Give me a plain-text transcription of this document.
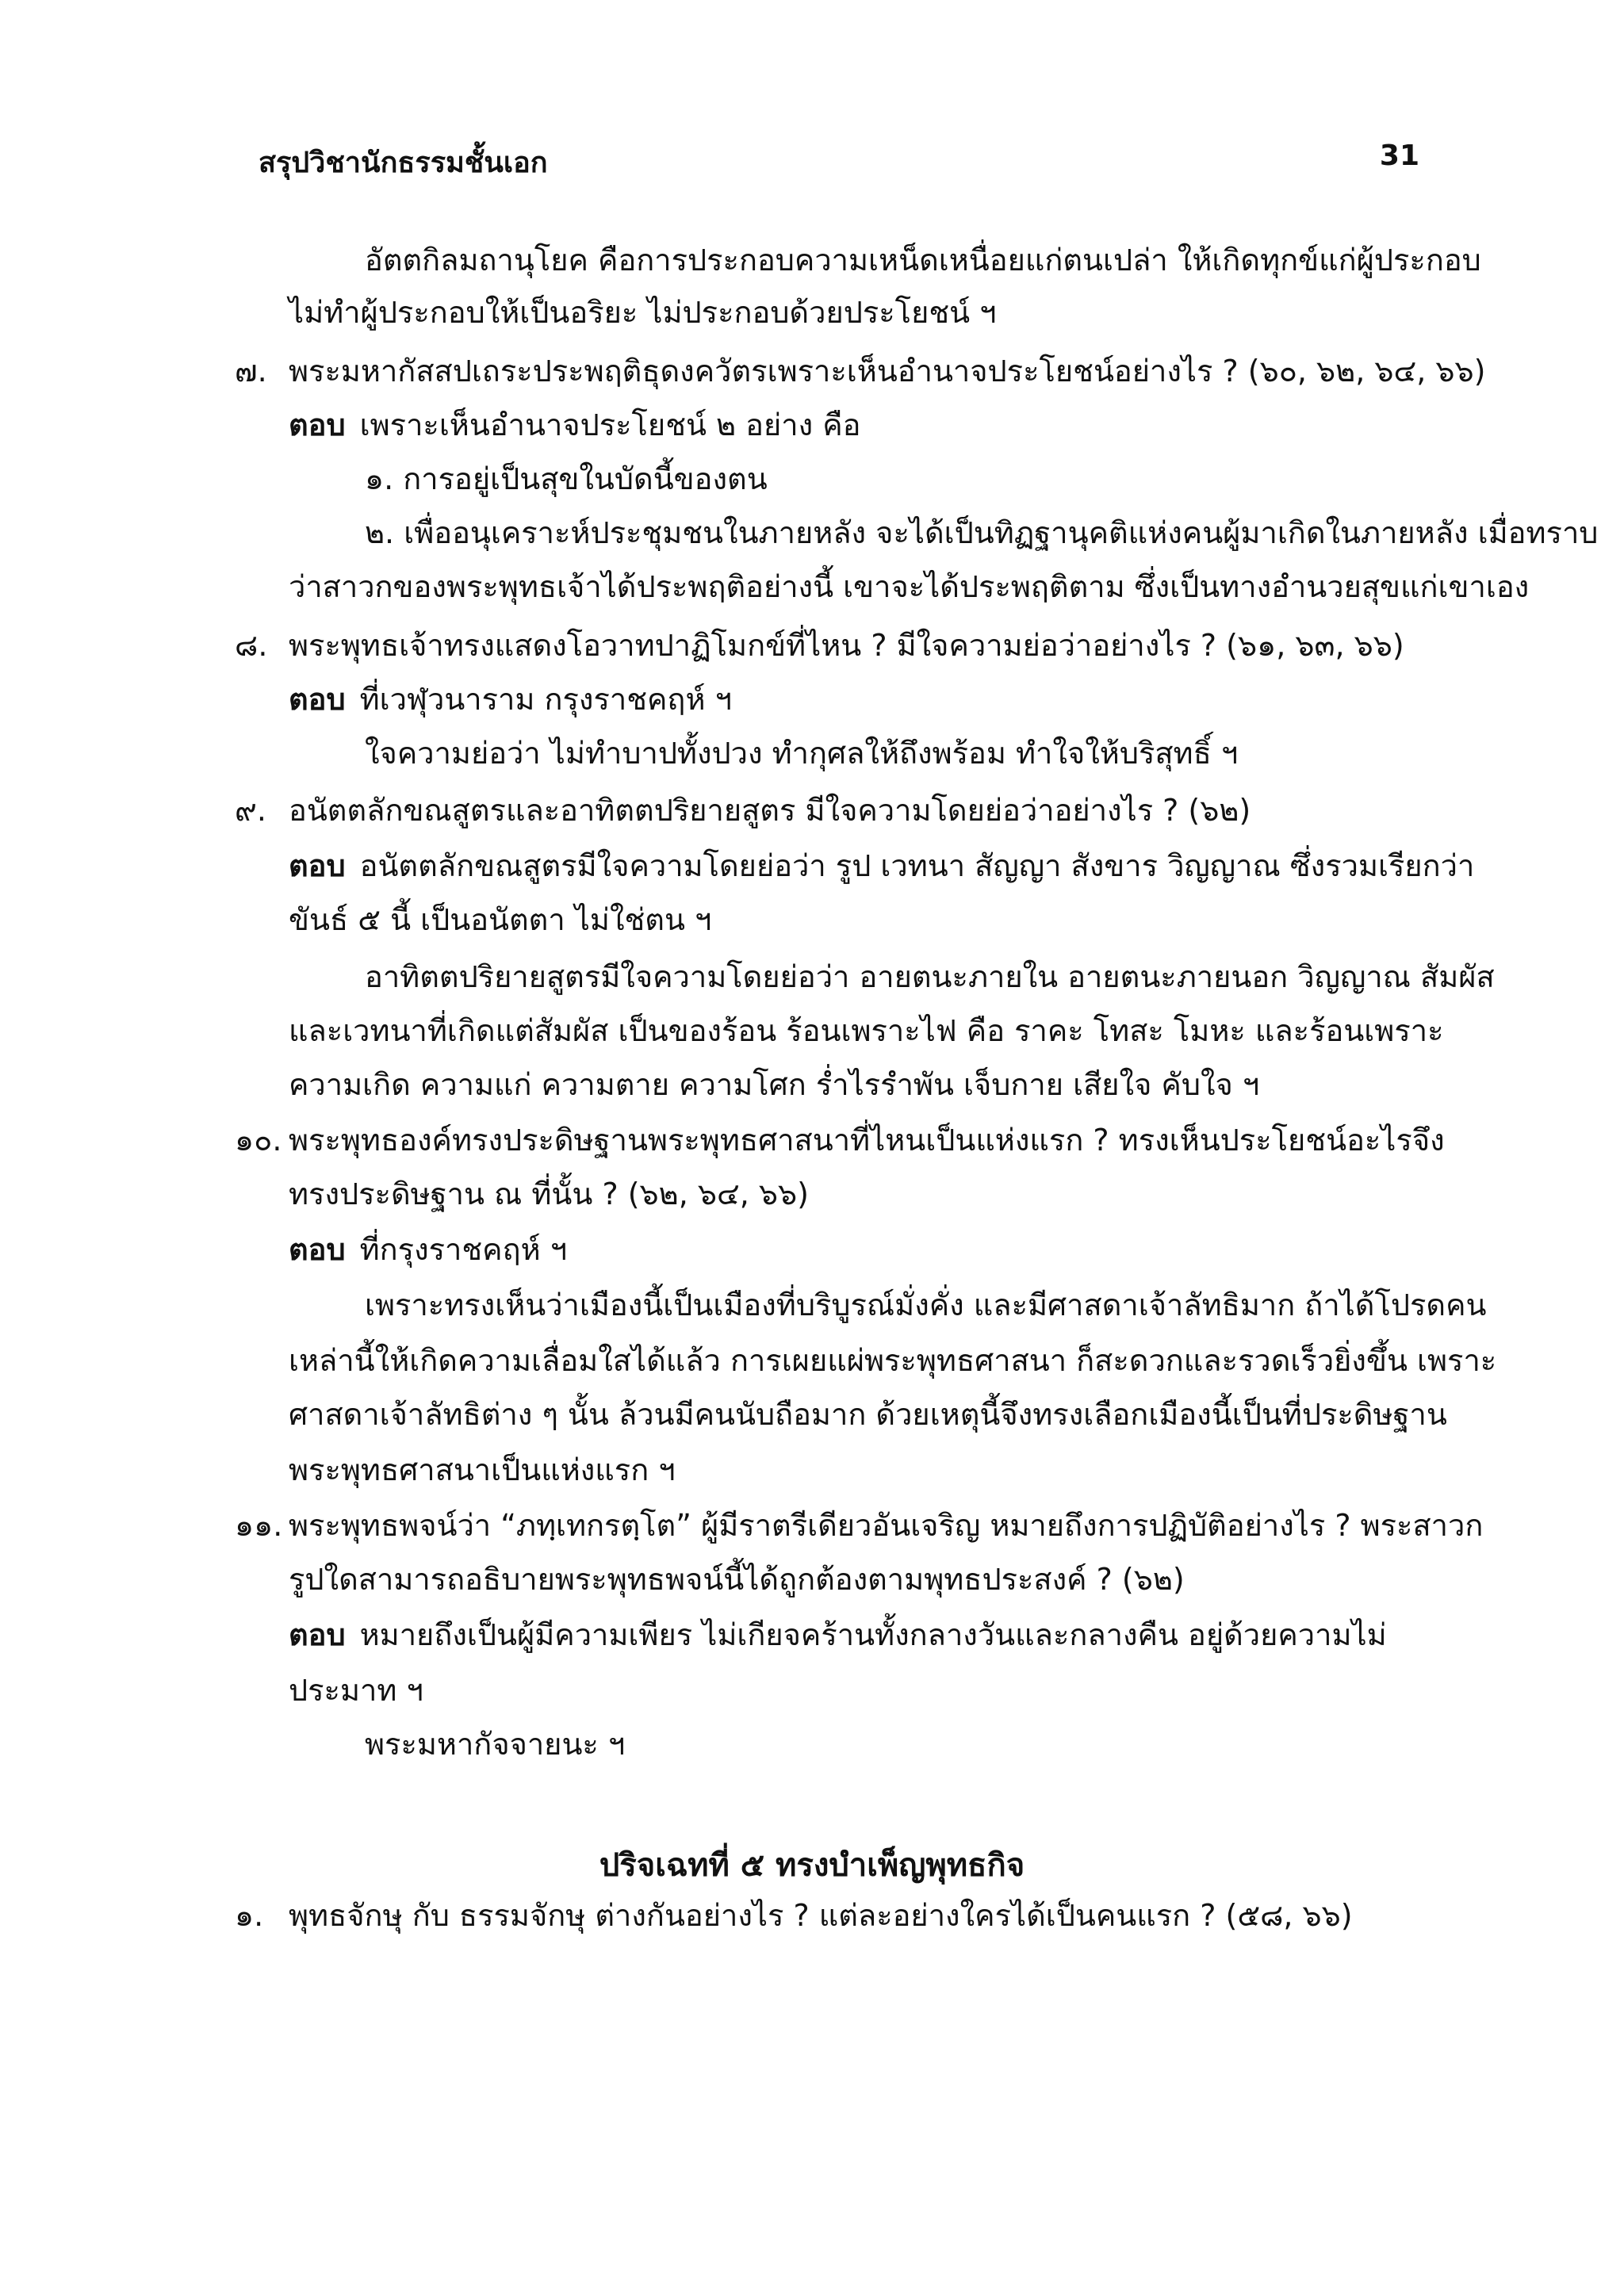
สรุปวิชานักธรรมชั้นเอก	31
อัตตกิลมถานุโยค คือการประกอบความเหน็ดเหนื่อยแก่ตนเปล่า ให้เกิดทุกข์แก่ผู้ประกอบ
ไม่ทำผู้ประกอบให้เป็นอริยะ ไม่ประกอบด้วยประโยชน์ ฯ
๗. พระมหากัสสปเถระประพฤติธุดงควัตรเพราะเห็นอำนาจประโยชน์อย่างไร ? (๖๐, ๖๒, ๖๔, ๖๖)
ตอบ เพราะเห็นอำนาจประโยชน์ ๒ อย่าง คือ
๑. การอยู่เป็นสุขในบัดนี้ของตน
๒. เพื่ออนุเคราะห์ประชุมชนในภายหลัง จะได้เป็นทิฏฐานุคติแห่งคนผู้มาเกิดในภายหลัง เมื่อทราบ
ว่าสาวกของพระพุทธเจ้าได้ประพฤติอย่างนี้ เขาจะได้ประพฤติตาม ซึ่งเป็นทางอำนวยสุขแก่เขาเอง
๘. พระพุทธเจ้าทรงแสดงโอวาทปาฏิโมกข์ที่ไหน ? มีใจความย่อว่าอย่างไร ? (๖๑, ๖๓, ๖๖)
ตอบ ที่เวฬุวนาราม กรุงราชคฤห์ ฯ
ใจความย่อว่า ไม่ทำบาปทั้งปวง ทำกุศลให้ถึงพร้อม ทำใจให้บริสุทธิ์ ฯ
๙. อนัตตลักขณสูตรและอาทิตตปริยายสูตร มีใจความโดยย่อว่าอย่างไร ? (๖๒)
ตอบ อนัตตลักขณสูตรมีใจความโดยย่อว่า รูป เวทนา สัญญา สังขาร วิญญาณ ซึ่งรวมเรียกว่า
ขันธ์ ๕ นี้ เป็นอนัตตา ไม่ใช่ตน ฯ
อาทิตตปริยายสูตรมีใจความโดยย่อว่า อายตนะภายใน อายตนะภายนอก วิญญาณ สัมผัส
และเวทนาที่เกิดแต่สัมผัส เป็นของร้อน ร้อนเพราะไฟ คือ ราคะ โทสะ โมหะ และร้อนเพราะ
ความเกิด ความแก่ ความตาย ความโศก ร่ำไรรำพัน เจ็บกาย เสียใจ คับใจ ฯ
๑๐. พระพุทธองค์ทรงประดิษฐานพระพุทธศาสนาที่ไหนเป็นแห่งแรก ? ทรงเห็นประโยชน์อะไรจึง
ทรงประดิษฐาน ณ ที่นั้น ? (๖๒, ๖๔, ๖๖)
ตอบ ที่กรุงราชคฤห์ ฯ
เพราะทรงเห็นว่าเมืองนี้เป็นเมืองที่บริบูรณ์มั่งคั่ง และมีศาสดาเจ้าลัทธิมาก ถ้าได้โปรดคน
เหล่านี้ให้เกิดความเลื่อมใสได้แล้ว การเผยแผ่พระพุทธศาสนา ก็สะดวกและรวดเร็วยิ่งขึ้น เพราะ
ศาสดาเจ้าลัทธิต่าง ๆ นั้น ล้วนมีคนนับถือมาก ด้วยเหตุนี้จึงทรงเลือกเมืองนี้เป็นที่ประดิษฐาน
พระพุทธศาสนาเป็นแห่งแรก ฯ
๑๑. พระพุทธพจน์ว่า “ภทฺเทกรตฺโต” ผู้มีราตรีเดียวอันเจริญ หมายถึงการปฏิบัติอย่างไร ? พระสาวก
รูปใดสามารถอธิบายพระพุทธพจน์นี้ได้ถูกต้องตามพุทธประสงค์ ? (๖๒)
ตอบ หมายถึงเป็นผู้มีความเพียร ไม่เกียจคร้านทั้งกลางวันและกลางคืน อยู่ด้วยความไม่
ประมาท ฯ
พระมหากัจจายนะ ฯ
ปริจเฉทที่ ๕ ทรงบำเพ็ญพุทธกิจ
๑. พุทธจักษุ กับ ธรรมจักษุ ต่างกันอย่างไร ? แต่ละอย่างใครได้เป็นคนแรก ? (๕๘, ๖๖)
